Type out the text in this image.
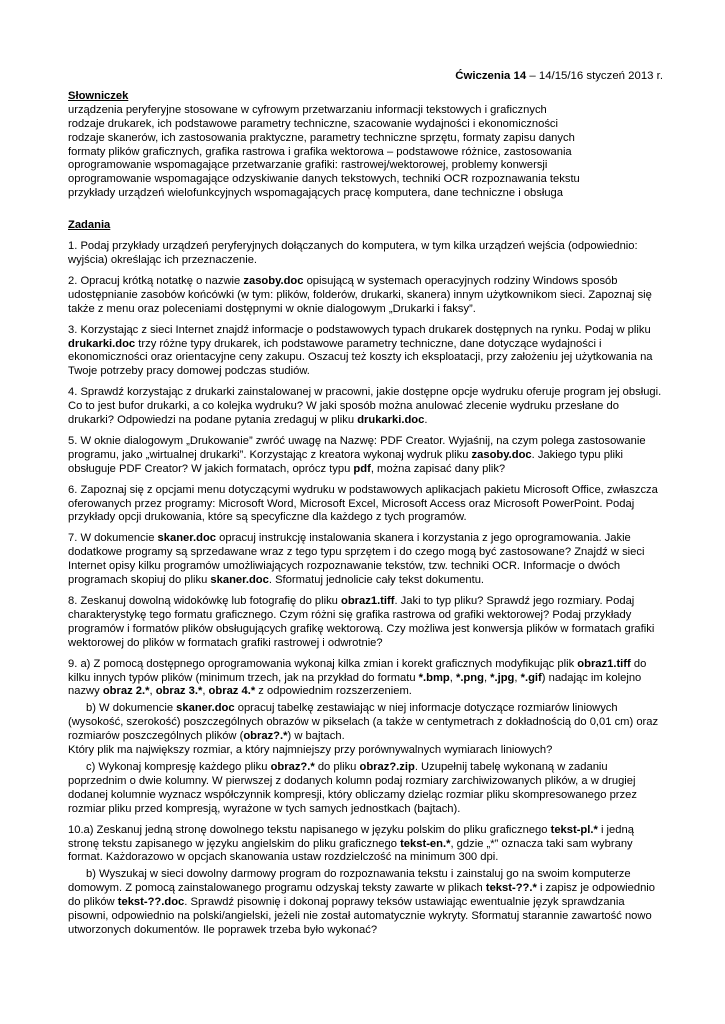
Ćwiczenia 14 – 14/15/16 styczeń 2013 r.

Słowniczek

urządzenia peryferyjne stosowane w cyfrowym przetwarzaniu informacji tekstowych i graficznych
rodzaje drukarek, ich podstawowe parametry techniczne, szacowanie wydajności i ekonomiczności
rodzaje skanerów, ich zastosowania praktyczne, parametry techniczne sprzętu, formaty zapisu danych
formaty plików graficznych, grafika rastrowa i grafika wektorowa – podstawowe różnice, zastosowania
oprogramowanie wspomagające przetwarzanie grafiki: rastrowej/wektorowej, problemy konwersji
oprogramowanie wspomagające odzyskiwanie danych tekstowych, techniki OCR rozpoznawania tekstu
przykłady urządzeń wielofunkcyjnych wspomagających pracę komputera, dane techniczne i obsługa

Zadania

1. Podaj przykłady urządzeń peryferyjnych dołączanych do komputera, w tym kilka urządzeń wejścia (odpowiednio: wyjścia) określając ich przeznaczenie.

2. Opracuj krótką notatkę o nazwie zasoby.doc opisującą w systemach operacyjnych rodziny Windows sposób udostępnianie zasobów końcówki (w tym: plików, folderów, drukarki, skanera) innym użytkownikom sieci. Zapoznaj się także z menu oraz poleceniami dostępnymi w oknie dialogowym „Drukarki i faksy”.

3. Korzystając z sieci Internet znajdź informacje o podstawowych typach drukarek dostępnych na rynku. Podaj w pliku drukarki.doc trzy różne typy drukarek, ich podstawowe parametry techniczne, dane dotyczące wydajności i ekonomiczności oraz orientacyjne ceny zakupu. Oszacuj też koszty ich eksploatacji, przy założeniu jej użytkowania na Twoje potrzeby pracy domowej podczas studiów.

4. Sprawdź korzystając z drukarki zainstalowanej w pracowni, jakie dostępne opcje wydruku oferuje program jej obsługi. Co to jest bufor drukarki, a co kolejka wydruku? W jaki sposób można anulować zlecenie wydruku przesłane do drukarki? Odpowiedzi na podane pytania zredaguj w pliku drukarki.doc.

5. W oknie dialogowym „Drukowanie” zwróć uwagę na Nazwę: PDF Creator. Wyjaśnij, na czym polega zastosowanie programu, jako „wirtualnej drukarki”. Korzystając z kreatora wykonaj wydruk pliku zasoby.doc. Jakiego typu pliki obsługuje PDF Creator? W jakich formatach, oprócz typu pdf, można zapisać dany plik?

6. Zapoznaj się z opcjami menu dotyczącymi wydruku w podstawowych aplikacjach pakietu Microsoft Office, zwłaszcza oferowanych przez programy: Microsoft Word, Microsoft Excel, Microsoft Access oraz Microsoft PowerPoint. Podaj przykłady opcji drukowania, które są specyficzne dla każdego z tych programów.

7. W dokumencie skaner.doc opracuj instrukcję instalowania skanera i korzystania z jego oprogramowania. Jakie dodatkowe programy są sprzedawane wraz z tego typu sprzętem i do czego mogą być zastosowane? Znajdź w sieci Internet opisy kilku programów umożliwiających rozpoznawanie tekstów, tzw. techniki OCR. Informacje o dwóch programach skopiuj do pliku skaner.doc. Sformatuj jednolicie cały tekst dokumentu.

8. Zeskanuj dowolną widokówkę lub fotografię do pliku obraz1.tiff. Jaki to typ pliku? Sprawdź jego rozmiary. Podaj charakterystykę tego formatu graficznego. Czym różni się grafika rastrowa od grafiki wektorowej? Podaj przykłady programów i formatów plików obsługujących grafikę wektorową. Czy możliwa jest konwersja plików w formatach grafiki wektorowej do plików w formatach grafiki rastrowej i odwrotnie?

9. a) Z pomocą dostępnego oprogramowania wykonaj kilka zmian i korekt graficznych modyfikując plik obraz1.tiff do kilku innych typów plików (minimum trzech, jak na przykład do formatu *.bmp, *.png, *.jpg, *.gif) nadając im kolejno nazwy obraz 2.*, obraz 3.*, obraz 4.* z odpowiednim rozszerzeniem.

b) W dokumencie skaner.doc opracuj tabelkę zestawiając w niej informacje dotyczące rozmiarów liniowych (wysokość, szerokość) poszczególnych obrazów w pikselach (a także w centymetrach z dokładnością do 0,01 cm) oraz rozmiarów poszczególnych plików (obraz?.*) w bajtach.
Który plik ma największy rozmiar, a który najmniejszy przy porównywalnych wymiarach liniowych?

c) Wykonaj kompresję każdego pliku obraz?.* do pliku obraz?.zip. Uzupełnij tabelę wykonaną w zadaniu poprzednim o dwie kolumny. W pierwszej z dodanych kolumn podaj rozmiary zarchiwizowanych plików, a w drugiej dodanej kolumnie wyznacz współczynnik kompresji, który obliczamy dzieląc rozmiar pliku skompresowanego przez rozmiar pliku przed kompresją, wyrażone w tych samych jednostkach (bajtach).

10.a) Zeskanuj jedną stronę dowolnego tekstu napisanego w języku polskim do pliku graficznego tekst-pl.* i jedną stronę tekstu zapisanego w języku angielskim do pliku graficznego tekst-en.*, gdzie „*” oznacza taki sam wybrany format. Każdorazowo w opcjach skanowania ustaw rozdzielczość na minimum 300 dpi.

b) Wyszukaj w sieci dowolny darmowy program do rozpoznawania tekstu i zainstaluj go na swoim komputerze domowym. Z pomocą zainstalowanego programu odzyskaj teksty zawarte w plikach tekst-??.* i zapisz je odpowiednio do plików tekst-??.doc. Sprawdź pisownię i dokonaj poprawy teksów ustawiając ewentualnie język sprawdzania pisowni, odpowiednio na polski/angielski, jeżeli nie został automatycznie wykryty. Sformatuj starannie zawartość nowo utworzonych dokumentów. Ile poprawek trzeba było wykonać?
